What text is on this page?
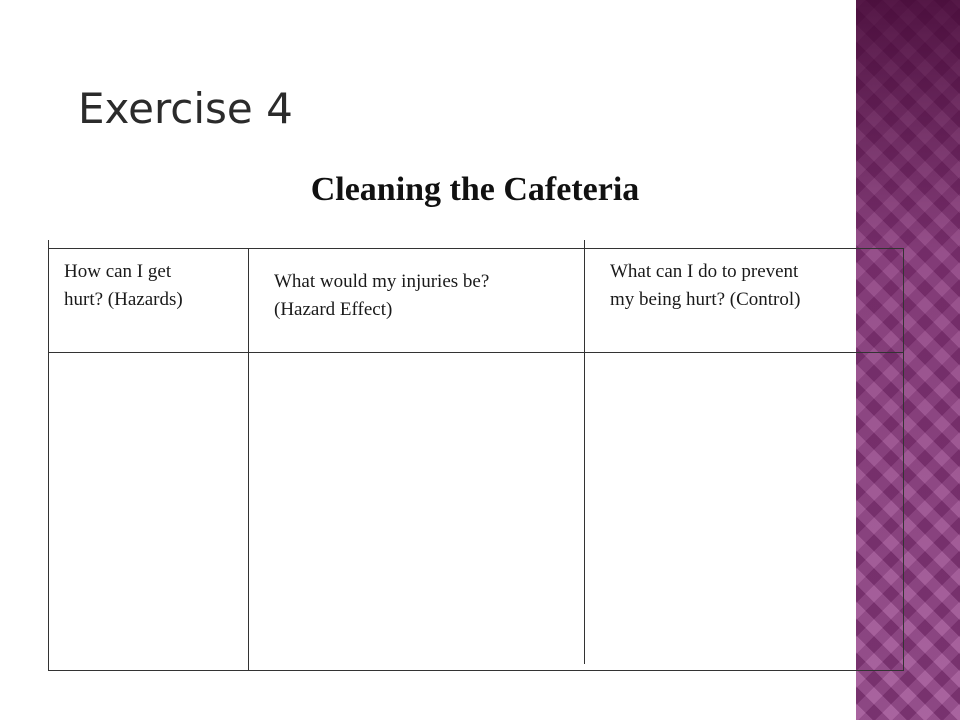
Exercise 4
Cleaning the Cafeteria

How can I get
hurt? (Hazards)

What would my injuries be?
(Hazard Effect)

What can I do to prevent
my being hurt? (Control)
